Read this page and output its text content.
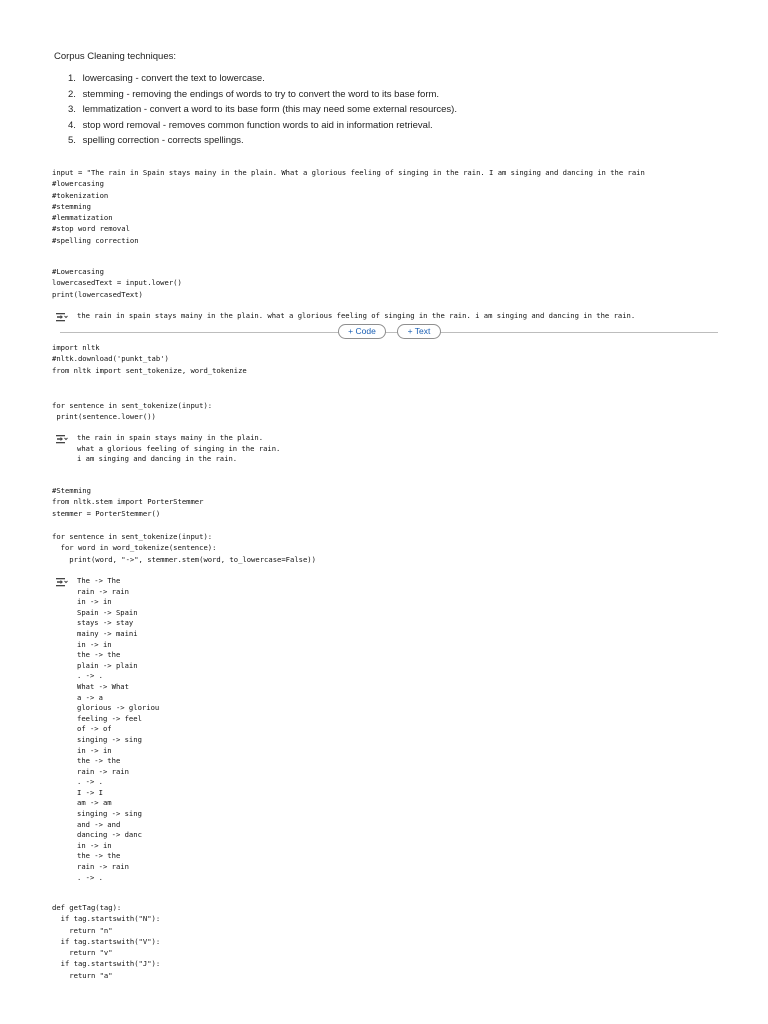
Corpus Cleaning techniques:
1. lowercasing - convert the text to lowercase.
2. stemming - removing the endings of words to try to convert the word to its base form.
3. lemmatization - convert a word to its base form (this may need some external resources).
4. stop word removal - removes common function words to aid in information retrieval.
5. spelling correction - corrects spellings.
input = "The rain in Spain stays mainy in the plain. What a glorious feeling of singing in the rain. I am singing and dancing in the rain
#lowercasing
#tokenization
#stemming
#lemmatization
#stop word removal
#spelling correction
#Lowercasing
lowercasedText = input.lower()
print(lowercasedText)
the rain in spain stays mainy in the plain. what a glorious feeling of singing in the rain. i am singing and dancing in the rain.
+ Code	+ Text
import nltk
#nltk.download('punkt_tab')
from nltk import sent_tokenize, word_tokenize
for sentence in sent_tokenize(input):
print(sentence.lower())
the rain in spain stays mainy in the plain.
what a glorious feeling of singing in the rain.
i am singing and dancing in the rain.
#Stemming
from nltk.stem import PorterStemmer
stemmer = PorterStemmer()
for sentence in sent_tokenize(input):
for word in word_tokenize(sentence):
print(word, "->", stemmer.stem(word, to_lowercase=False))
The -> The
rain -> rain
in -> in
Spain -> Spain
stays -> stay
mainy -> maini
in -> in
the -> the
plain -> plain
. -> .
What -> What
a -> a
glorious -> gloriou
feeling -> feel
of -> of
singing -> sing
in -> in
the -> the
rain -> rain
. -> .
I -> I
am -> am
singing -> sing
and -> and
dancing -> danc
in -> in
the -> the
rain -> rain
. -> .
def getTag(tag):
if tag.startswith("N"):
return "n"
if tag.startswith("V"):
return "v"
if tag.startswith("J"):
return "a"
